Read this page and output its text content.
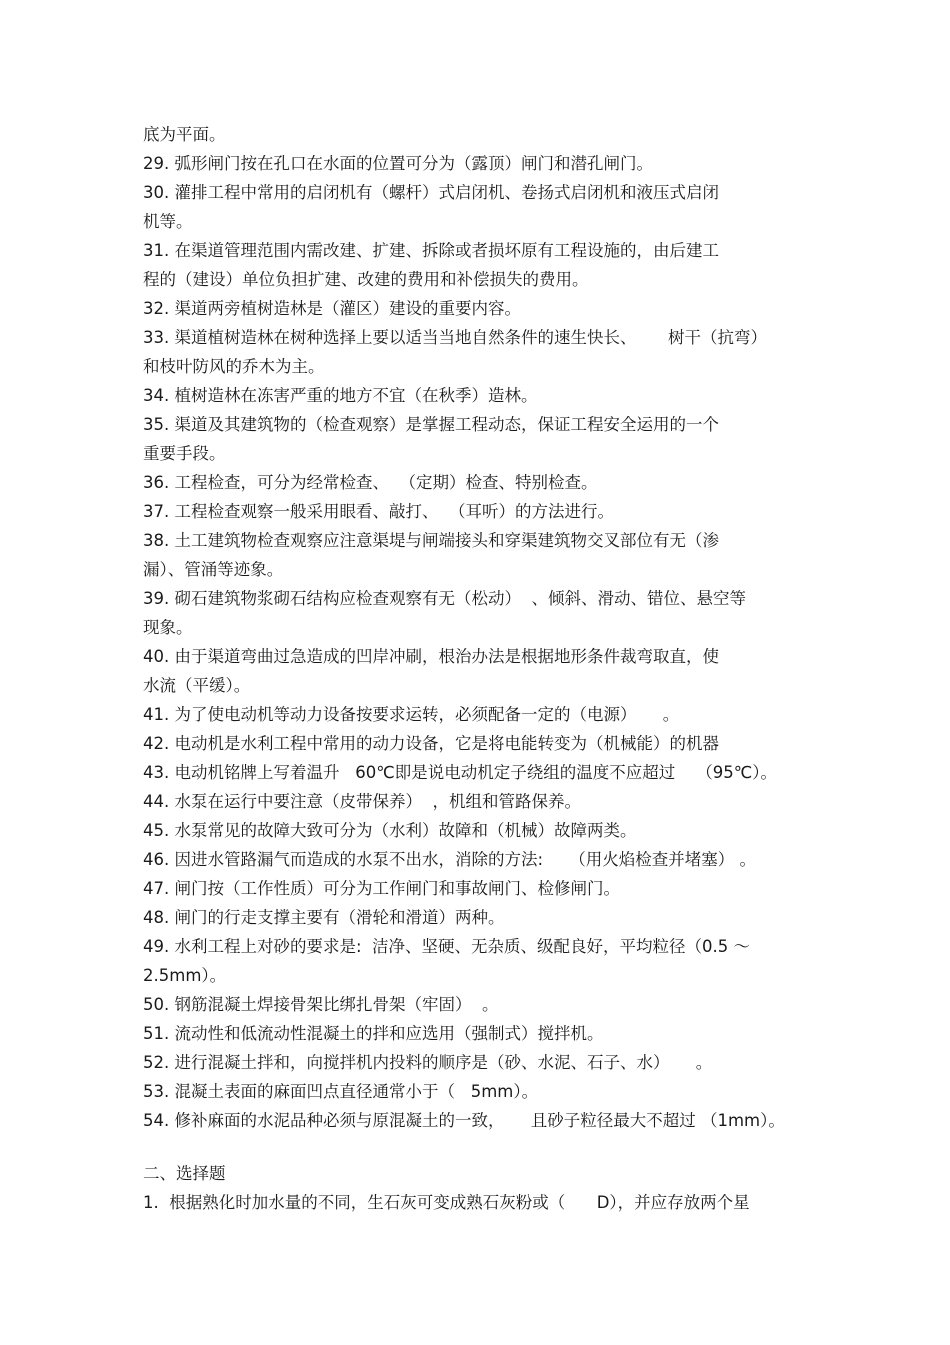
底为平面。
29. 弧形闸门按在孔口在水面的位置可分为（露顶）闸门和潜孔闸门。
30. 灌排工程中常用的启闭机有（螺杆）式启闭机、卷扬式启闭机和液压式启闭
机等。
31. 在渠道管理范围内需改建、扩建、拆除或者损坏原有工程设施的，由后建工
程的（建设）单位负担扩建、改建的费用和补偿损失的费用。
32. 渠道两旁植树造林是（灌区）建设的重要内容。
33. 渠道植树造林在树种选择上要以适当当地自然条件的速生快长、      树干（抗弯）
和枝叶防风的乔木为主。
34. 植树造林在冻害严重的地方不宜（在秋季）造林。
35. 渠道及其建筑物的（检查观察）是掌握工程动态，保证工程安全运用的一个
重要手段。
36. 工程检查，可分为经常检查、  （定期）检查、特别检查。
37. 工程检查观察一般采用眼看、敲打、  （耳听）的方法进行。
38. 土工建筑物检查观察应注意渠堤与闸端接头和穿渠建筑物交叉部位有无（渗
漏）、管涌等迹象。
39. 砌石建筑物浆砌石结构应检查观察有无（松动）  、倾斜、滑动、错位、悬空等
现象。
40. 由于渠道弯曲过急造成的凹岸冲刷，根治办法是根据地形条件裁弯取直，使
水流（平缓）。
41. 为了使电动机等动力设备按要求运转，必须配备一定的（电源）     。
42. 电动机是水利工程中常用的动力设备，它是将电能转变为（机械能）的机器
43. 电动机铭牌上写着温升   60℃即是说电动机定子绕组的温度不应超过    （95℃）。
44. 水泵在运行中要注意（皮带保养）  ，机组和管路保养。
45. 水泵常见的故障大致可分为（水利）故障和（机械）故障两类。
46. 因进水管路漏气而造成的水泵不出水，消除的方法:     （用火焰检查并堵塞） 。
47. 闸门按（工作性质）可分为工作闸门和事故闸门、检修闸门。
48. 闸门的行走支撑主要有（滑轮和滑道）两种。
49. 水利工程上对砂的要求是:  洁净、坚硬、无杂质、级配良好，平均粒径（0.5 ～
2.5mm）。
50. 钢筋混凝土焊接骨架比绑扎骨架（牢固）  。
51. 流动性和低流动性混凝土的拌和应选用（强制式）搅拌机。
52. 进行混凝土拌和，向搅拌机内投料的顺序是（砂、水泥、石子、水）     。
53. 混凝土表面的麻面凹点直径通常小于（   5mm）。
54. 修补麻面的水泥品种必须与原混凝土的一致，     且砂子粒径最大不超过 （1mm）。
二、选择题
1.  根据熟化时加水量的不同，生石灰可变成熟石灰粉或（      D），并应存放两个星
